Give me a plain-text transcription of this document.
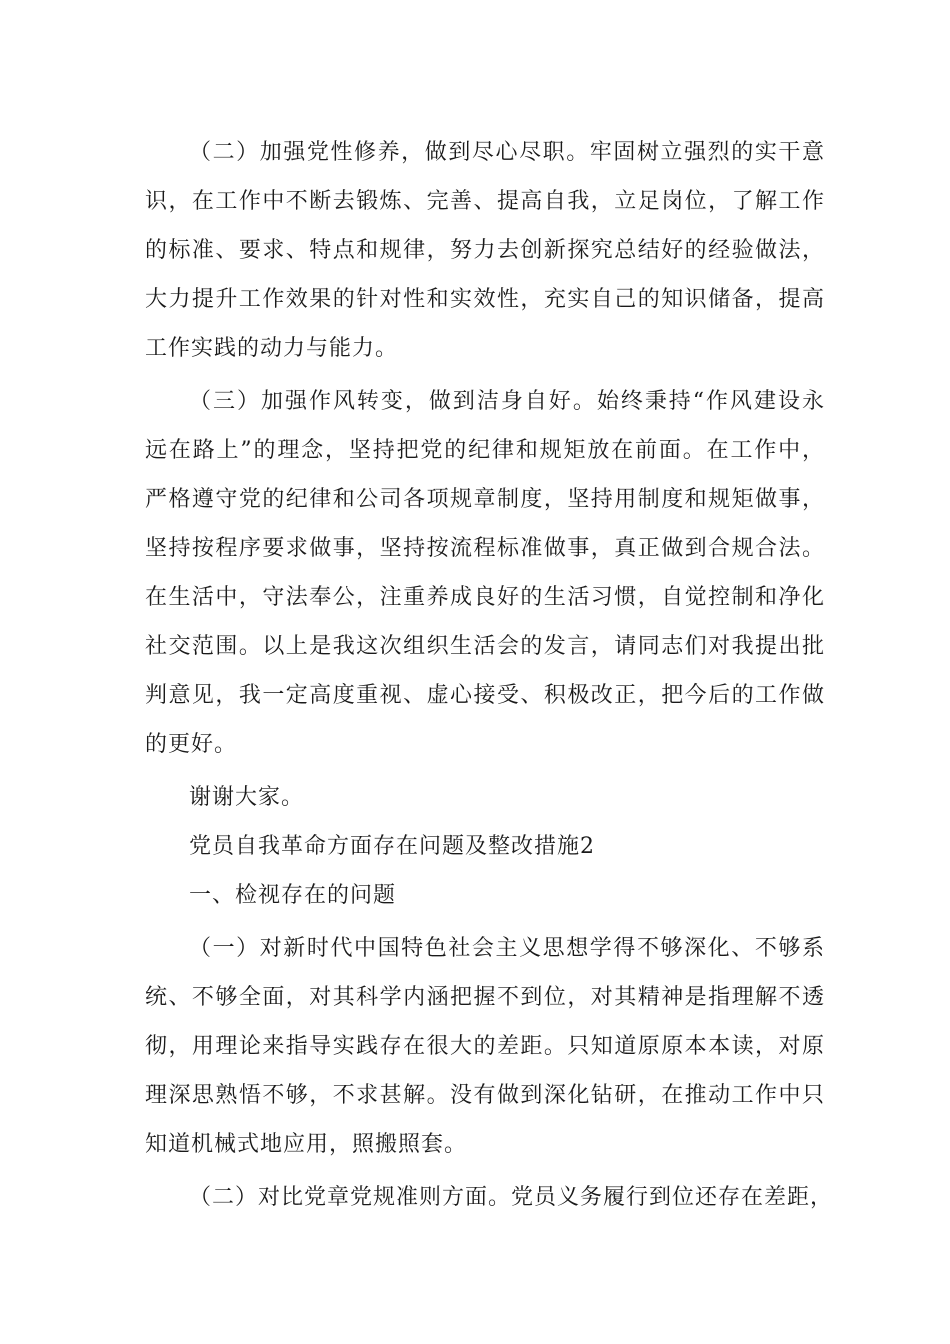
（二）加强党性修养，做到尽心尽职。牢固树立强烈的实干意
识，在工作中不断去锻炼、完善、提高自我，立足岗位，了解工作
的标准、要求、特点和规律，努力去创新探究总结好的经验做法，
大力提升工作效果的针对性和实效性，充实自己的知识储备，提高
工作实践的动力与能力。
（三）加强作风转变，做到洁身自好。始终秉持“作风建设永
远在路上”的理念，坚持把党的纪律和规矩放在前面。在工作中，
严格遵守党的纪律和公司各项规章制度，坚持用制度和规矩做事，
坚持按程序要求做事，坚持按流程标准做事，真正做到合规合法。
在生活中，守法奉公，注重养成良好的生活习惯，自觉控制和净化
社交范围。以上是我这次组织生活会的发言，请同志们对我提出批
判意见，我一定高度重视、虚心接受、积极改正，把今后的工作做
的更好。
谢谢大家。
党员自我革命方面存在问题及整改措施2
一、检视存在的问题
（一）对新时代中国特色社会主义思想学得不够深化、不够系
统、不够全面，对其科学内涵把握不到位，对其精神是指理解不透
彻，用理论来指导实践存在很大的差距。只知道原原本本读，对原
理深思熟悟不够，不求甚解。没有做到深化钻研，在推动工作中只
知道机械式地应用，照搬照套。
（二）对比党章党规准则方面。党员义务履行到位还存在差距，
